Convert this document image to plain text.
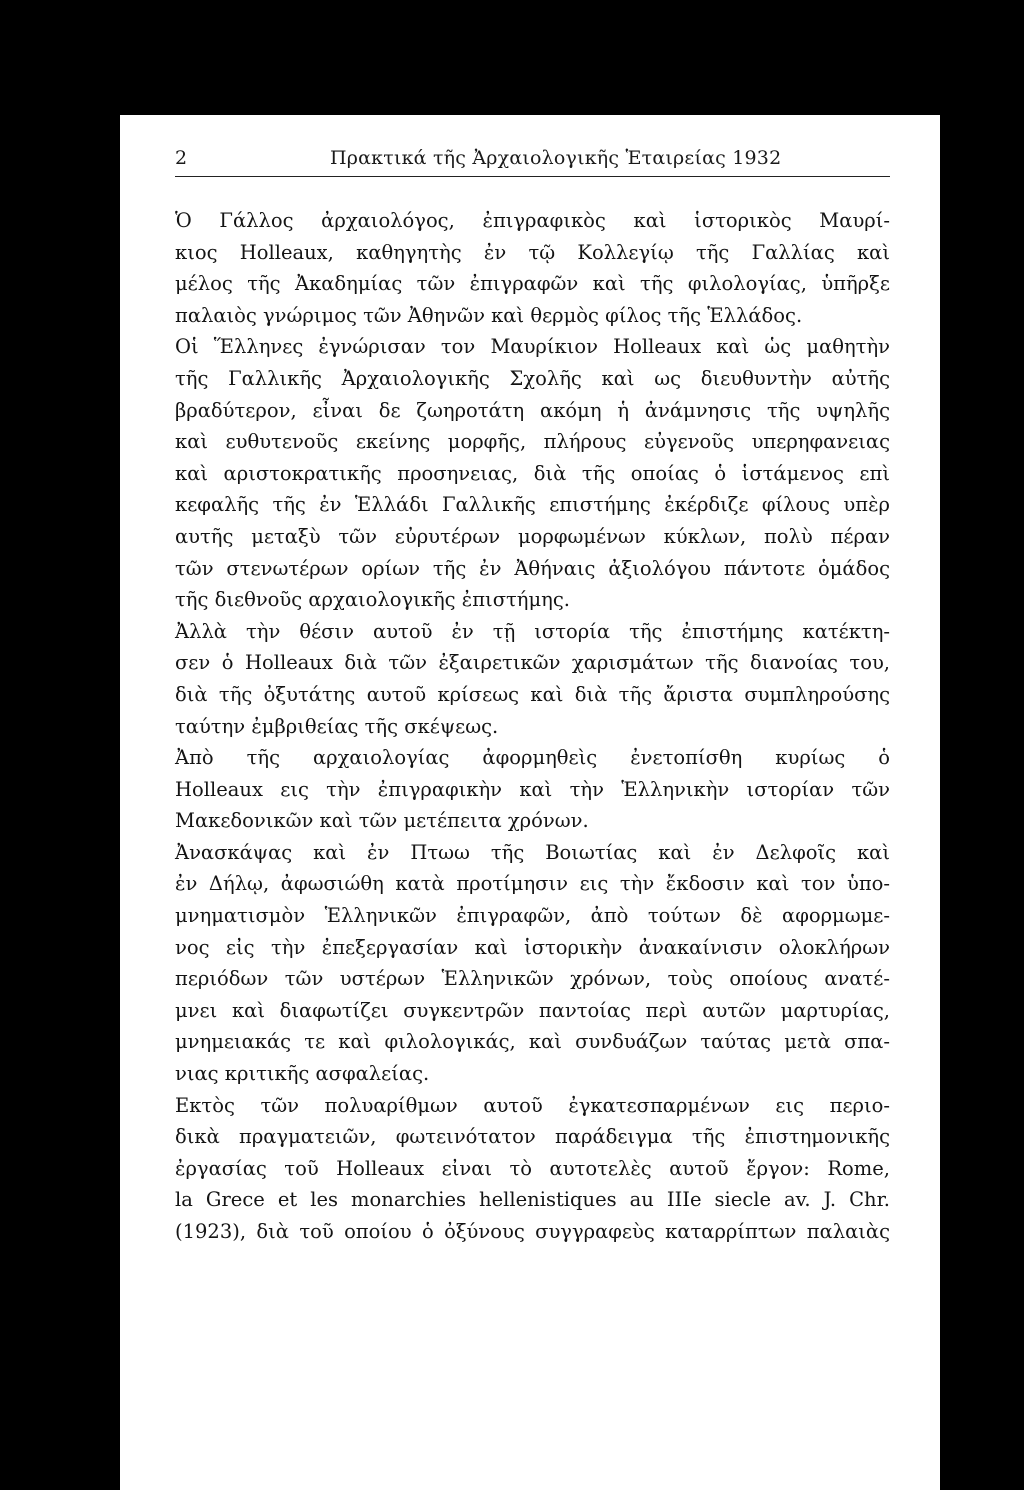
2	Πρακτικά τῆς Ἀρχαιολογικῆς Ἑταιρείας 1932
Ὁ Γάλλος ἀρχαιολόγος, ἐπιγραφικὸς καὶ ἱστορικὸς Μαυρί-
κιος Holleaux, καθηγητὴς ἐν τῷ Κολλεγίῳ τῆς Γαλλίας καὶ
μέλος τῆς Ἀκαδημίας τῶν ἐπιγραφῶν καὶ τῆς φιλολογίας, ὑπῆρξε
παλαιὸς γνώριμος τῶν Ἀθηνῶν καὶ θερμὸς φίλος τῆς Ἑλλάδος.
Οἱ Ἕλληνες ἐγνώρισαν τον Μαυρίκιον Holleaux καὶ ὡς μαθητὴν
τῆς Γαλλικῆς Ἀρχαιολογικῆς Σχολῆς καὶ ως διευθυντὴν αὐτῆς
βραδύτερον, εἶναι δε ζωηροτάτη ακόμη ἡ ἀνάμνησις τῆς υψηλῆς
καὶ ευθυτενοῦς εκείνης μορφῆς, πλήρους εὐγενοῦς υπερηφανειας
καὶ αριστοκρατικῆς προσηνειας, διὰ τῆς οποίας ὁ ἱστάμενος επὶ
κεφαλῆς τῆς ἐν Ἑλλάδι Γαλλικῆς επιστήμης ἐκέρδιζε φίλους υπὲρ
αυτῆς μεταξὺ τῶν εὐρυτέρων μορφωμένων κύκλων, πολὺ πέραν
τῶν στενωτέρων ορίων τῆς ἐν Ἀθήναις ἀξιολόγου πάντοτε ὁμάδος
τῆς διεθνοῦς αρχαιολογικῆς ἐπιστήμης.
Ἀλλὰ τὴν θέσιν αυτοῦ ἐν τῇ ιστορία τῆς ἐπιστήμης κατέκτη-
σεν ὁ Holleaux διὰ τῶν ἐξαιρετικῶν χαρισμάτων τῆς διανοίας του,
διὰ τῆς ὀξυτάτης αυτοῦ κρίσεως καὶ διὰ τῆς ἄριστα συμπληρούσης
ταύτην ἐμβριθείας τῆς σκέψεως.
Ἀπὸ τῆς αρχαιολογίας ἀφορμηθεὶς ἐνετοπίσθη κυρίως ὁ
Holleaux εις τὴν ἐπιγραφικὴν καὶ τὴν Ἑλληνικὴν ιστορίαν τῶν
Μακεδονικῶν καὶ τῶν μετέπειτα χρόνων.
Ἀνασκάψας καὶ ἐν Πτωω τῆς Βοιωτίας καὶ ἐν Δελφοῖς καὶ
ἐν Δήλῳ, ἀφωσιώθη κατὰ προτίμησιν εις τὴν ἔκδοσιν καὶ τον ὑπο-
μνηματισμὸν Ἑλληνικῶν ἐπιγραφῶν, ἀπὸ τούτων δὲ αφορμωμε-
νος εἰς τὴν ἐπεξεργασίαν καὶ ἱστορικὴν ἀνακαίνισιν ολοκλήρων
περιόδων τῶν υστέρων Ἑλληνικῶν χρόνων, τοὺς οποίους ανατέ-
μνει καὶ διαφωτίζει συγκεντρῶν παντοίας περὶ αυτῶν μαρτυρίας,
μνημειακάς τε καὶ φιλολογικάς, καὶ συνδυάζων ταύτας μετὰ σπα-
νιας κριτικῆς ασφαλείας.
Εκτὸς τῶν πολυαρίθμων αυτοῦ ἐγκατεσπαρμένων εις περιο-
δικὰ πραγματειῶν, φωτεινότατον παράδειγμα τῆς ἐπιστημονικῆς
ἐργασίας τοῦ Holleaux εἰναι τὸ αυτοτελὲς αυτοῦ ἔργον: Rome,
la Grece et les monarchies hellenistiques au IIIe siecle av. J. Chr.
(1923), διὰ τοῦ οποίου ὁ ὀξύνους συγγραφεὺς καταρρίπτων παλαιὰς
